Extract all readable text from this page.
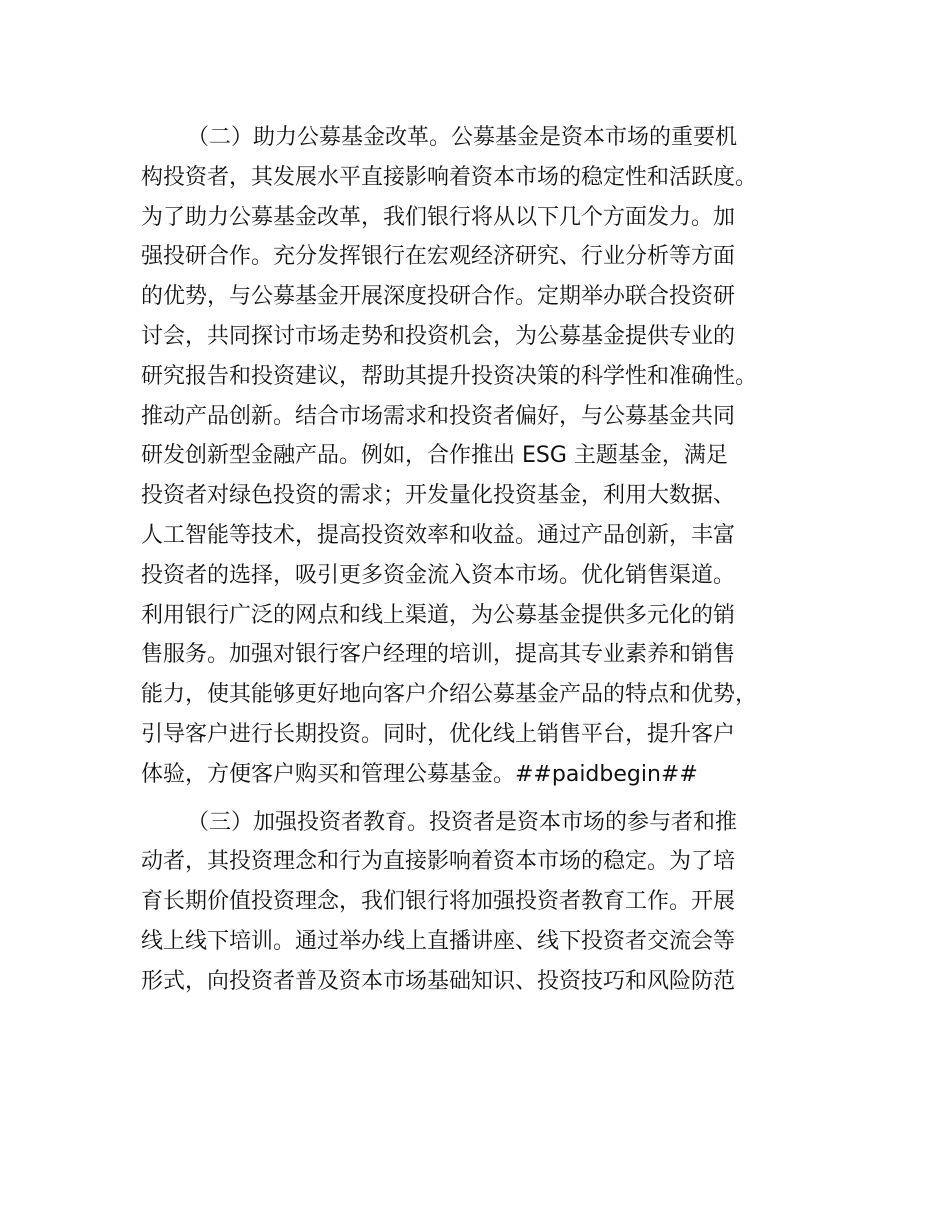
（二）助力公募基金改革。公募基金是资本市场的重要机
构投资者，其发展水平直接影响着资本市场的稳定性和活跃度。
为了助力公募基金改革，我们银行将从以下几个方面发力。加
强投研合作。充分发挥银行在宏观经济研究、行业分析等方面
的优势，与公募基金开展深度投研合作。定期举办联合投资研
讨会，共同探讨市场走势和投资机会，为公募基金提供专业的
研究报告和投资建议，帮助其提升投资决策的科学性和准确性。
推动产品创新。结合市场需求和投资者偏好，与公募基金共同
研发创新型金融产品。例如，合作推出 ESG 主题基金，满足
投资者对绿色投资的需求；开发量化投资基金，利用大数据、
人工智能等技术，提高投资效率和收益。通过产品创新，丰富
投资者的选择，吸引更多资金流入资本市场。优化销售渠道。
利用银行广泛的网点和线上渠道，为公募基金提供多元化的销
售服务。加强对银行客户经理的培训，提高其专业素养和销售
能力，使其能够更好地向客户介绍公募基金产品的特点和优势，
引导客户进行长期投资。同时，优化线上销售平台，提升客户
体验，方便客户购买和管理公募基金。##paidbegin##
（三）加强投资者教育。投资者是资本市场的参与者和推
动者，其投资理念和行为直接影响着资本市场的稳定。为了培
育长期价值投资理念，我们银行将加强投资者教育工作。开展
线上线下培训。通过举办线上直播讲座、线下投资者交流会等
形式，向投资者普及资本市场基础知识、投资技巧和风险防范
